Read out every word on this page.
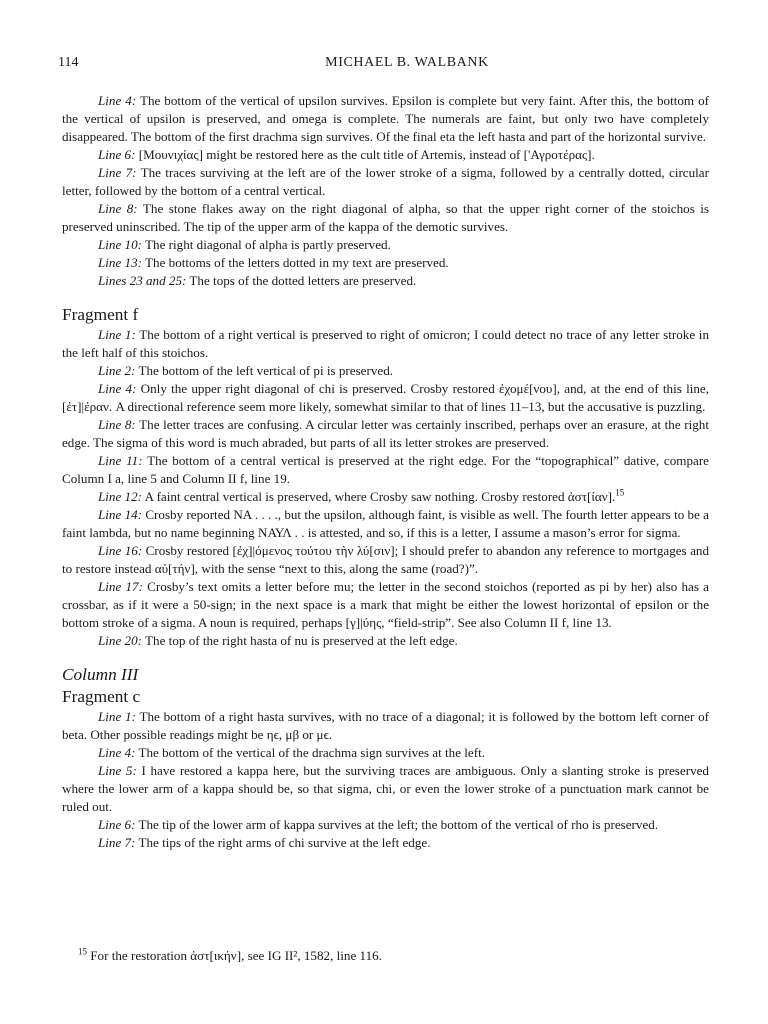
114	MICHAEL B. WALBANK

Line 4: The bottom of the vertical of upsilon survives. Epsilon is complete but very faint. After this, the bottom of the vertical of upsilon is preserved, and omega is complete. The numerals are faint, but only two have completely disappeared. The bottom of the first drachma sign survives. Of the final eta the left hasta and part of the horizontal survive.

Line 6: [Μουνιχίας] might be restored here as the cult title of Artemis, instead of ['Αγροτέρας].

Line 7: The traces surviving at the left are of the lower stroke of a sigma, followed by a centrally dotted, circular letter, followed by the bottom of a central vertical.

Line 8: The stone flakes away on the right diagonal of alpha, so that the upper right corner of the stoichos is preserved uninscribed. The tip of the upper arm of the kappa of the demotic survives.

Line 10: The right diagonal of alpha is partly preserved.

Line 13: The bottoms of the letters dotted in my text are preserved.

Lines 23 and 25: The tops of the dotted letters are preserved.

Fragment f

Line 1: The bottom of a right vertical is preserved to right of omicron; I could detect no trace of any letter stroke in the left half of this stoichos.

Line 2: The bottom of the left vertical of pi is preserved.

Line 4: Only the upper right diagonal of chi is preserved. Crosby restored ἐχομέ[νου], and, at the end of this line, [ἐτ]|έραν. A directional reference seem more likely, somewhat similar to that of lines 11–13, but the accusative is puzzling.

Line 8: The letter traces are confusing. A circular letter was certainly inscribed, perhaps over an erasure, at the right edge. The sigma of this word is much abraded, but parts of all its letter strokes are preserved.

Line 11: The bottom of a central vertical is preserved at the right edge. For the “topographical” dative, compare Column I a, line 5 and Column II f, line 19.

Line 12: A faint central vertical is preserved, where Crosby saw nothing. Crosby restored ἀστ[ίαν].$^{15}$

Line 14: Crosby reported NA . . . ., but the upsilon, although faint, is visible as well. The fourth letter appears to be a faint lambda, but no name beginning ΝΑΥΛ . . is attested, and so, if this is a letter, I assume a mason’s error for sigma.

Line 16: Crosby restored [ἐχ]|όμενος τούτου τὴν λύ[σιν]; I should prefer to abandon any reference to mortgages and to restore instead αὐ[τήν], with the sense “next to this, along the same (road?)”.

Line 17: Crosby’s text omits a letter before mu; the letter in the second stoichos (reported as pi by her) also has a crossbar, as if it were a 50-sign; in the next space is a mark that might be either the lowest horizontal of epsilon or the bottom stroke of a sigma. A noun is required, perhaps [γ]|ύης, “field-strip”. See also Column II f, line 13.

Line 20: The top of the right hasta of nu is preserved at the left edge.

Column III

Fragment c

Line 1: The bottom of a right hasta survives, with no trace of a diagonal; it is followed by the bottom left corner of beta. Other possible readings might be ηϵ, μβ or μϵ.

Line 4: The bottom of the vertical of the drachma sign survives at the left.

Line 5: I have restored a kappa here, but the surviving traces are ambiguous. Only a slanting stroke is preserved where the lower arm of a kappa should be, so that sigma, chi, or even the lower stroke of a punctuation mark cannot be ruled out.

Line 6: The tip of the lower arm of kappa survives at the left; the bottom of the vertical of rho is preserved.

Line 7: The tips of the right arms of chi survive at the left edge.

$^{15}$ For the restoration ἀστ[ικήν], see IG II², 1582, line 116.
